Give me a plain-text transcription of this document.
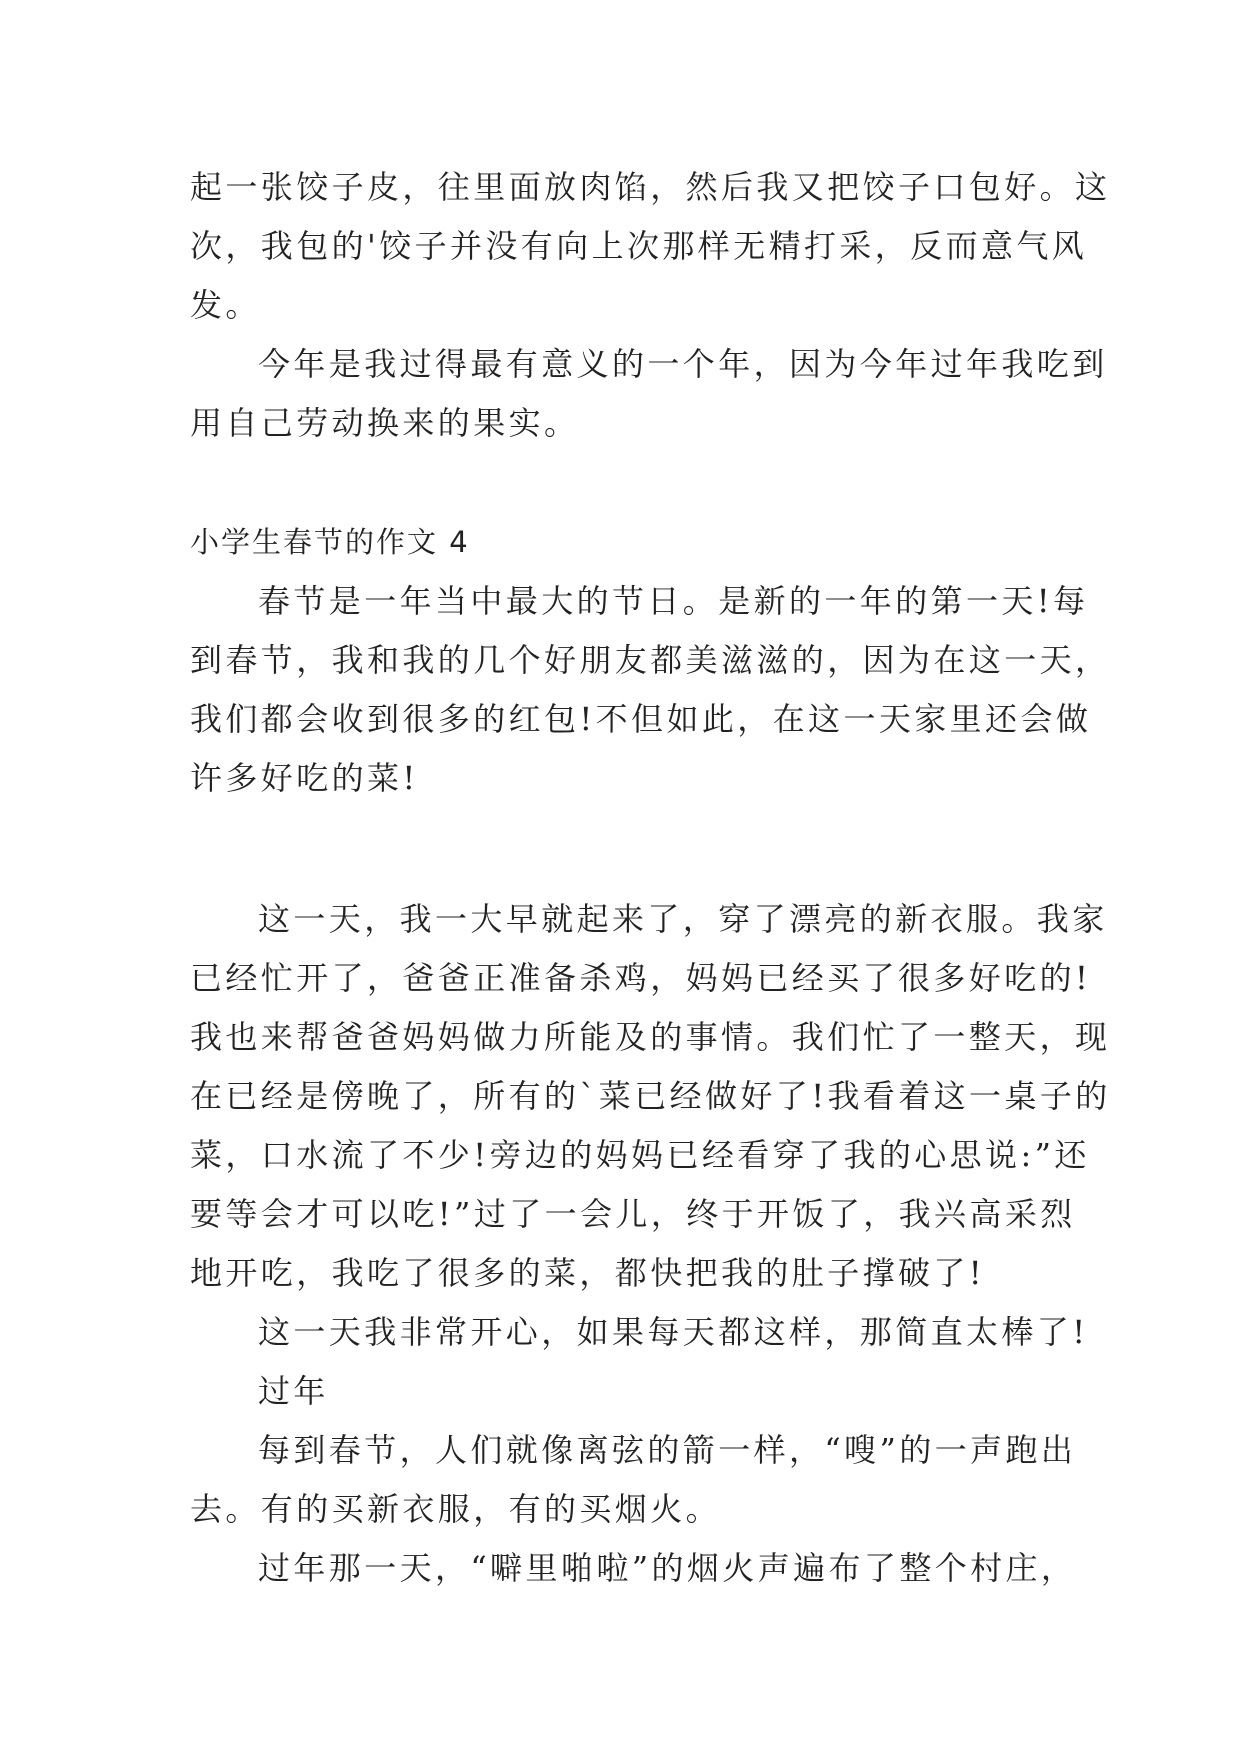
起一张饺子皮，往里面放肉馅，然后我又把饺子口包好。这
次，我包的'饺子并没有向上次那样无精打采，反而意气风
发。
今年是我过得最有意义的一个年，因为今年过年我吃到
用自己劳动换来的果实。
小学生春节的作文 4
春节是一年当中最大的节日。是新的一年的第一天!每
到春节，我和我的几个好朋友都美滋滋的，因为在这一天，
我们都会收到很多的红包!不但如此，在这一天家里还会做
许多好吃的菜!
这一天，我一大早就起来了，穿了漂亮的新衣服。我家
已经忙开了，爸爸正准备杀鸡，妈妈已经买了很多好吃的!
我也来帮爸爸妈妈做力所能及的事情。我们忙了一整天，现
在已经是傍晚了，所有的`菜已经做好了!我看着这一桌子的
菜，口水流了不少!旁边的妈妈已经看穿了我的心思说:”还
要等会才可以吃!”过了一会儿，终于开饭了，我兴高采烈
地开吃，我吃了很多的菜，都快把我的肚子撑破了!
这一天我非常开心，如果每天都这样，那简直太棒了!
过年
每到春节，人们就像离弦的箭一样，“嗖”的一声跑出
去。有的买新衣服，有的买烟火。
过年那一天，“噼里啪啦”的烟火声遍布了整个村庄，
